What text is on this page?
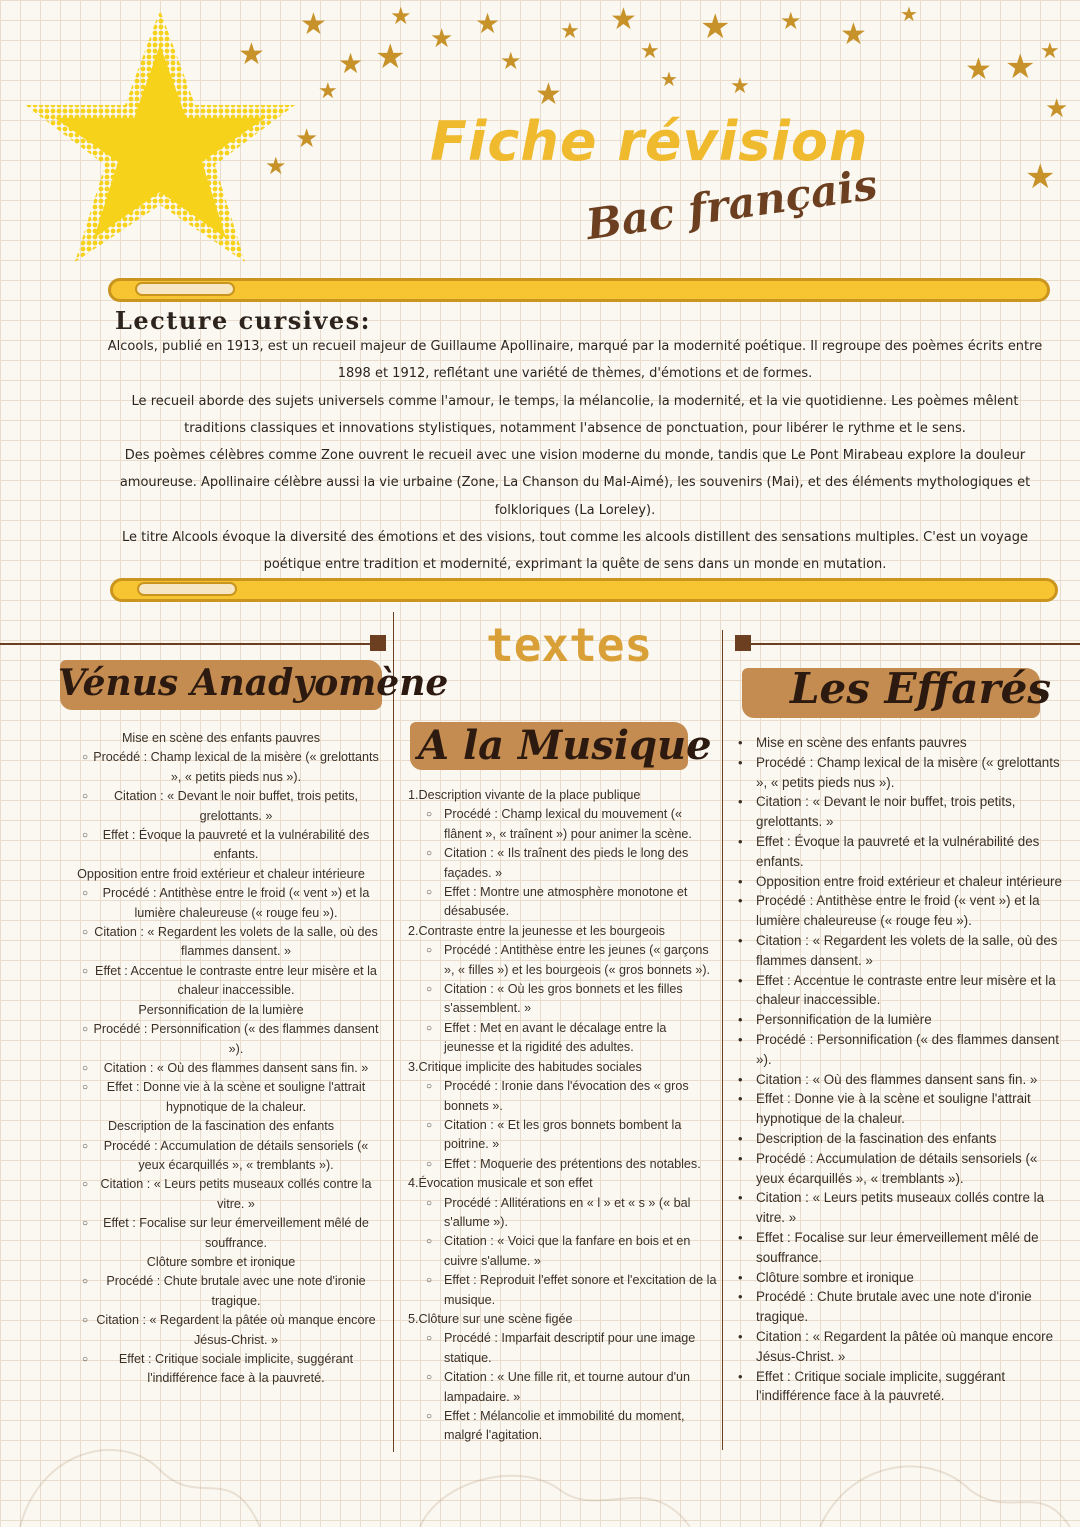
★
★
★ ★
★
★
★ ★
★
★
★ ★
★
★
★
★
★ ★
★
★ ★ ★
★
★
★
★	Fiche révision
Bac français
Lecture cursives:

Alcools, publié en 1913, est un recueil majeur de Guillaume Apollinaire, marqué par la modernité poétique. Il regroupe des poèmes écrits entre 1898 et 1912, reflétant une variété de thèmes, d'émotions et de formes.

Le recueil aborde des sujets universels comme l'amour, le temps, la mélancolie, la modernité, et la vie quotidienne. Les poèmes mêlent traditions classiques et innovations stylistiques, notamment l'absence de ponctuation, pour libérer le rythme et le sens.

Des poèmes célèbres comme Zone ouvrent le recueil avec une vision moderne du monde, tandis que Le Pont Mirabeau explore la douleur amoureuse. Apollinaire célèbre aussi la vie urbaine (Zone, La Chanson du Mal-Aimé), les souvenirs (Mai), et des éléments mythologiques et folkloriques (La Loreley).

Le titre Alcools évoque la diversité des émotions et des visions, tout comme les alcools distillent des sensations multiples. C'est un voyage poétique entre tradition et modernité, exprimant la quête de sens dans un monde en mutation.

textes
Vénus Anadyomène
A la Musique
Les Effarés
Mise en scène des enfants pauvres
○ Procédé : Champ lexical de la misère (« grelottants », « petits pieds nus »).
○ Citation : « Devant le noir buffet, trois petits, grelottants. »
○ Effet : Évoque la pauvreté et la vulnérabilité des enfants.
Opposition entre froid extérieur et chaleur intérieure
○ Procédé : Antithèse entre le froid (« vent ») et la lumière chaleureuse (« rouge feu »).
○ Citation : « Regardent les volets de la salle, où des flammes dansent. »
○ Effet : Accentue le contraste entre leur misère et la chaleur inaccessible.
Personnification de la lumière
○ Procédé : Personnification (« des flammes dansent »).
○ Citation : « Où des flammes dansent sans fin. »
○ Effet : Donne vie à la scène et souligne l'attrait hypnotique de la chaleur.
Description de la fascination des enfants
○ Procédé : Accumulation de détails sensoriels (« yeux écarquillés », « tremblants »).
○ Citation : « Leurs petits museaux collés contre la vitre. »
○ Effet : Focalise sur leur émerveillement mêlé de souffrance.
Clôture sombre et ironique
○ Procédé : Chute brutale avec une note d'ironie tragique.
○ Citation : « Regardent la pâtée où manque encore Jésus-Christ. »
○ Effet : Critique sociale implicite, suggérant l'indifférence face à la pauvreté.
1.Description vivante de la place publique
○ Procédé : Champ lexical du mouvement (« flânent », « traînent ») pour animer la scène.
○ Citation : « Ils traînent des pieds le long des façades. »
○ Effet : Montre une atmosphère monotone et désabusée.
2.Contraste entre la jeunesse et les bourgeois
○ Procédé : Antithèse entre les jeunes (« garçons », « filles ») et les bourgeois (« gros bonnets »).
○ Citation : « Où les gros bonnets et les filles s'assemblent. »
○ Effet : Met en avant le décalage entre la jeunesse et la rigidité des adultes.
3.Critique implicite des habitudes sociales
○ Procédé : Ironie dans l'évocation des « gros bonnets ».
○ Citation : « Et les gros bonnets bombent la poitrine. »
○ Effet : Moquerie des prétentions des notables.
4.Évocation musicale et son effet
○ Procédé : Allitérations en « l » et « s » (« bal s'allume »).
○ Citation : « Voici que la fanfare en bois et en cuivre s'allume. »
○ Effet : Reproduit l'effet sonore et l'excitation de la musique.
5.Clôture sur une scène figée
○ Procédé : Imparfait descriptif pour une image statique.
○ Citation : « Une fille rit, et tourne autour d'un lampadaire. »
○ Effet : Mélancolie et immobilité du moment, malgré l'agitation.
• Mise en scène des enfants pauvres
• Procédé : Champ lexical de la misère (« grelottants », « petits pieds nus »).
• Citation : « Devant le noir buffet, trois petits, grelottants. »
• Effet : Évoque la pauvreté et la vulnérabilité des enfants.
• Opposition entre froid extérieur et chaleur intérieure
• Procédé : Antithèse entre le froid (« vent ») et la lumière chaleureuse (« rouge feu »).
• Citation : « Regardent les volets de la salle, où des flammes dansent. »
• Effet : Accentue le contraste entre leur misère et la chaleur inaccessible.
• Personnification de la lumière
• Procédé : Personnification (« des flammes dansent »).
• Citation : « Où des flammes dansent sans fin. »
• Effet : Donne vie à la scène et souligne l'attrait hypnotique de la chaleur.
• Description de la fascination des enfants
• Procédé : Accumulation de détails sensoriels (« yeux écarquillés », « tremblants »).
• Citation : « Leurs petits museaux collés contre la vitre. »
• Effet : Focalise sur leur émerveillement mêlé de souffrance.
• Clôture sombre et ironique
• Procédé : Chute brutale avec une note d'ironie tragique.
• Citation : « Regardent la pâtée où manque encore Jésus-Christ. »
• Effet : Critique sociale implicite, suggérant l'indifférence face à la pauvreté.
